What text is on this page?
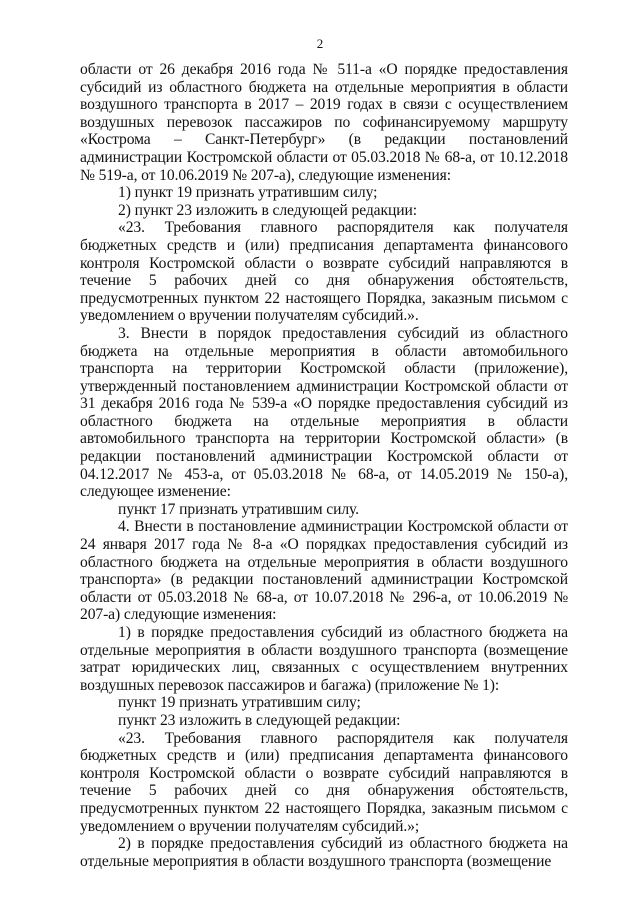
2

области от 26 декабря 2016 года № 511-а «О порядке предоставления субсидий из областного бюджета на отдельные мероприятия в области воздушного транспорта в 2017 – 2019 годах в связи с осуществлением воздушных перевозок пассажиров по софинансируемому маршруту «Кострома – Санкт-Петербург» (в редакции постановлений администрации Костромской области от 05.03.2018 № 68-а, от 10.12.2018 № 519-а, от 10.06.2019 № 207-а), следующие изменения:

1) пункт 19 признать утратившим силу;

2) пункт 23 изложить в следующей редакции:

«23. Требования главного распорядителя как получателя бюджетных средств и (или) предписания департамента финансового контроля Костромской области о возврате субсидий направляются в течение 5 рабочих дней со дня обнаружения обстоятельств, предусмотренных пунктом 22 настоящего Порядка, заказным письмом с уведомлением о вручении получателям субсидий.».

3. Внести в порядок предоставления субсидий из областного бюджета на отдельные мероприятия в области автомобильного транспорта на территории Костромской области (приложение), утвержденный постановлением администрации Костромской области от 31 декабря 2016 года № 539-а «О порядке предоставления субсидий из областного бюджета на отдельные мероприятия в области автомобильного транспорта на территории Костромской области» (в редакции постановлений администрации Костромской области от 04.12.2017 № 453-а, от 05.03.2018 № 68-а, от 14.05.2019 № 150-а), следующее изменение:

пункт 17 признать утратившим силу.

4. Внести в постановление администрации Костромской области от 24 января 2017 года № 8-а «О порядках предоставления субсидий из областного бюджета на отдельные мероприятия в области воздушного транспорта» (в редакции постановлений администрации Костромской области от 05.03.2018 № 68-а, от 10.07.2018 № 296-а, от 10.06.2019 № 207-а) следующие изменения:

1) в порядке предоставления субсидий из областного бюджета на отдельные мероприятия в области воздушного транспорта (возмещение затрат юридических лиц, связанных с осуществлением внутренних воздушных перевозок пассажиров и багажа) (приложение № 1):

пункт 19 признать утратившим силу;

пункт 23 изложить в следующей редакции:

«23. Требования главного распорядителя как получателя бюджетных средств и (или) предписания департамента финансового контроля Костромской области о возврате субсидий направляются в течение 5 рабочих дней со дня обнаружения обстоятельств, предусмотренных пунктом 22 настоящего Порядка, заказным письмом с уведомлением о вручении получателям субсидий.»;

2) в порядке предоставления субсидий из областного бюджета на отдельные мероприятия в области воздушного транспорта (возмещение
